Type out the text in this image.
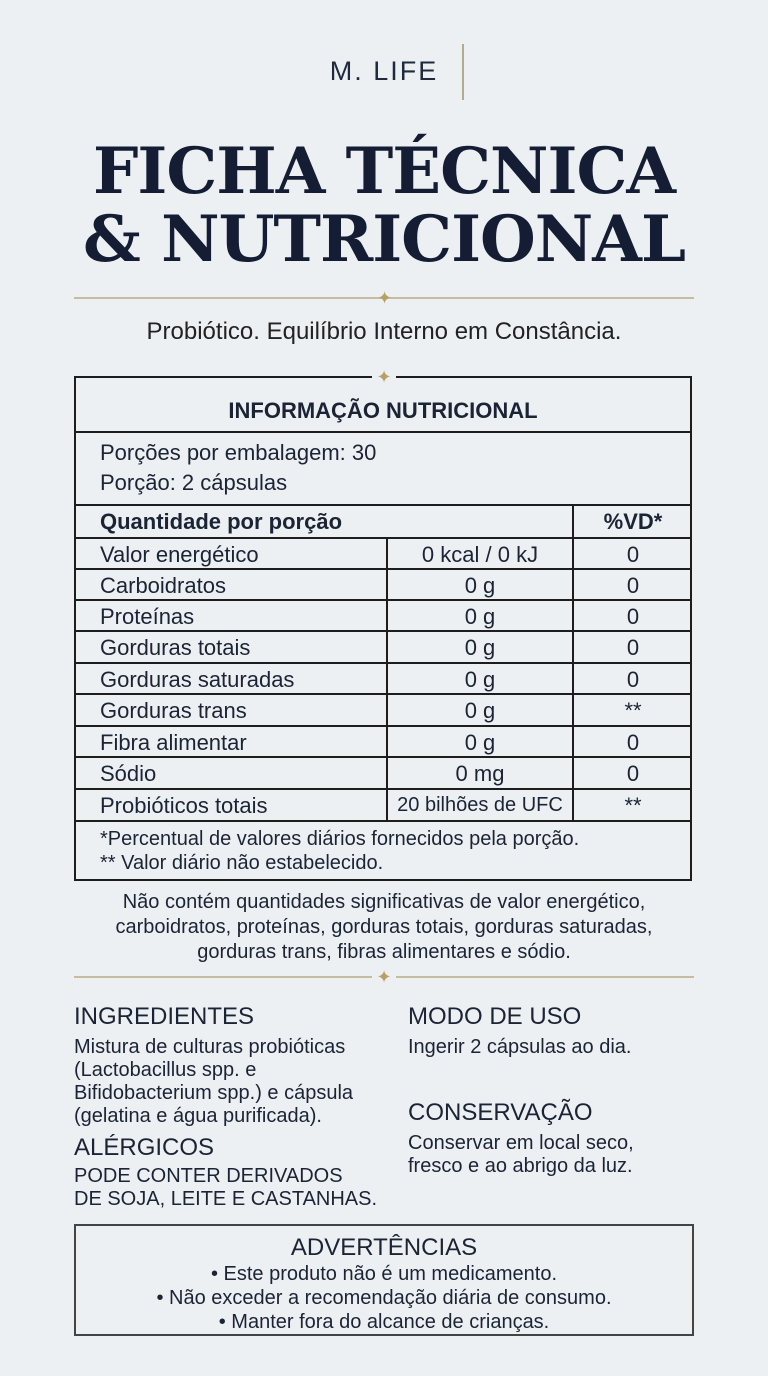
M. LIFE
FICHA TÉCNICA
& NUTRICIONAL
✦
Probiótico. Equilíbrio Interno em Constância.
INFORMAÇÃO NUTRICIONAL
Porções por embalagem: 30
Porção: 2 cápsulas
Quantidade por porção	%VD*
Valor energético	0 kcal / 0 kJ	0
Carboidratos	0 g	0
Proteínas	0 g	0
Gorduras totais	0 g	0
Gorduras saturadas	0 g	0
Gorduras trans	0 g	**
Fibra alimentar	0 g	0
Sódio	0 mg	0
Probióticos totais	20 bilhões de UFC	**
*Percentual de valores diários fornecidos pela porção.
** Valor diário não estabelecido.
✦
Não contém quantidades significativas de valor energético,
carboidratos, proteínas, gorduras totais, gorduras saturadas,
gorduras trans, fibras alimentares e sódio.
✦
INGREDIENTES
Mistura de culturas probióticas
(Lactobacillus spp. e
Bifidobacterium spp.) e cápsula
(gelatina e água purificada).
ALÉRGICOS
PODE CONTER DERIVADOS
DE SOJA, LEITE E CASTANHAS.
MODO DE USO
Ingerir 2 cápsulas ao dia.
CONSERVAÇÃO
Conservar em local seco,
fresco e ao abrigo da luz.
ADVERTÊNCIAS
• Este produto não é um medicamento.
• Não exceder a recomendação diária de consumo.
• Manter fora do alcance de crianças.
